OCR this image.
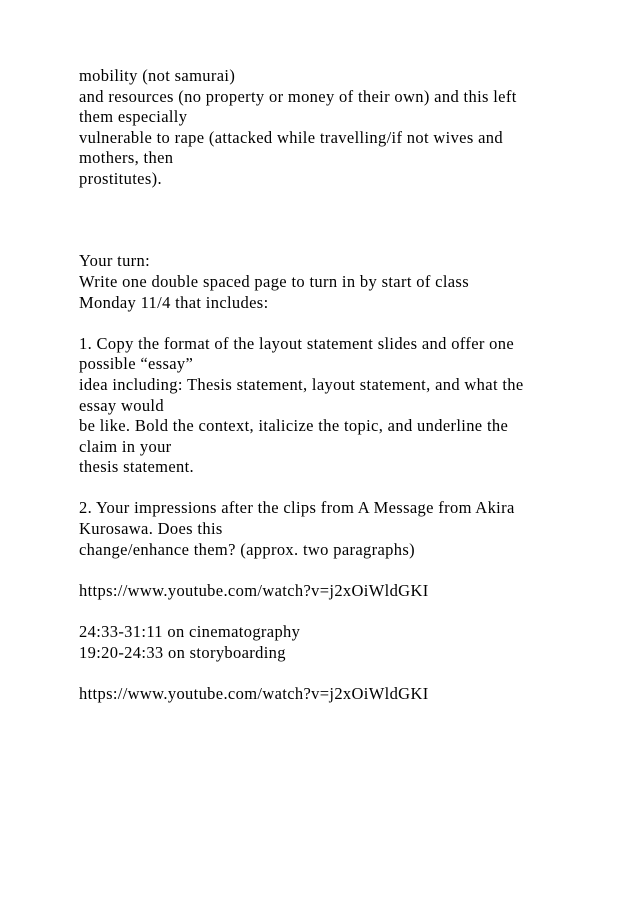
mobility (not samurai)
and resources (no property or money of their own) and this left
them especially
vulnerable to rape (attacked while travelling/if not wives and
mothers, then
prostitutes).
Your turn:
Write one double spaced page to turn in by start of class
Monday 11/4 that includes:
1. Copy the format of the layout statement slides and offer one
possible “essay”
idea including: Thesis statement, layout statement, and what the
essay would
be like. Bold the context, italicize the topic, and underline the
claim in your
thesis statement.
2. Your impressions after the clips from A Message from Akira
Kurosawa. Does this
change/enhance them? (approx. two paragraphs)
https://www.youtube.com/watch?v=j2xOiWldGKI
24:33-31:11 on cinematography
19:20-24:33 on storyboarding
https://www.youtube.com/watch?v=j2xOiWldGKI
